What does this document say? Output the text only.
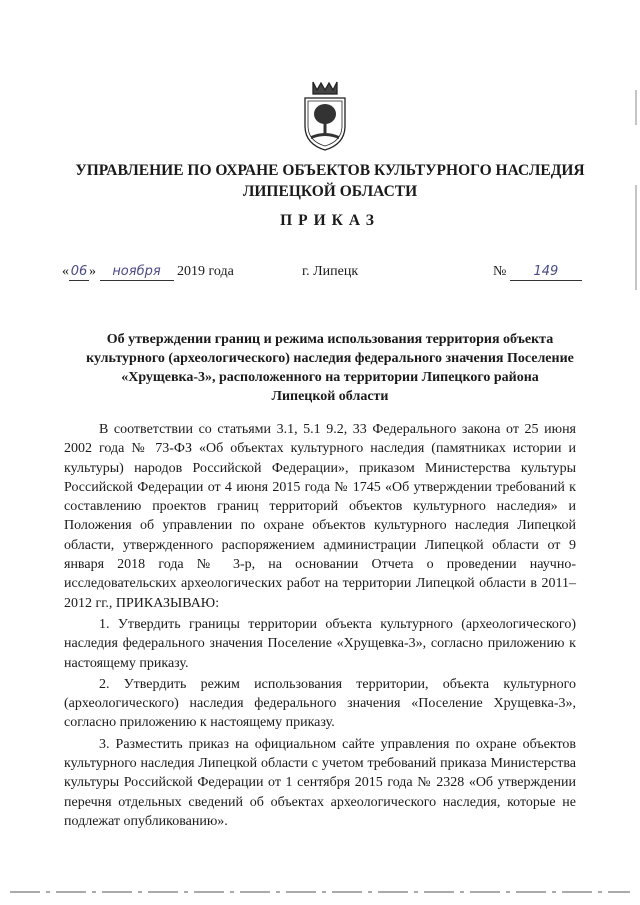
УПРАВЛЕНИЕ ПО ОХРАНЕ ОБЪЕКТОВ КУЛЬТУРНОГО НАСЛЕДИЯ
ЛИПЕЦКОЙ ОБЛАСТИ
ПРИКАЗ
« 06 » ноября 2019 года	г. Липецк	№ 149
Об утверждении границ и режима использования территория объекта
культурного (археологического) наследия федерального значения Поселение
«Хрущевка-3», расположенного на территории Липецкого района
Липецкой области

В соответствии со статьями 3.1, 5.1 9.2, 33 Федерального закона от 25 июня 2002 года № 73-ФЗ «Об объектах культурного наследия (памятниках истории и культуры) народов Российской Федерации», приказом Министерства культуры Российской Федерации от 4 июня 2015 года № 1745 «Об утверждении требований к составлению проектов границ территорий объектов культурного наследия» и Положения об управлении по охране объектов культурного наследия Липецкой области, утвержденного распоряжением администрации Липецкой области от 9 января 2018 года № 3-р, на основании Отчета о проведении научно-исследовательских археологических работ на территории Липецкой области в 2011–2012 гг., ПРИКАЗЫВАЮ:

1. Утвердить границы территории объекта культурного (археологического) наследия федерального значения Поселение «Хрущевка-3», согласно приложению к настоящему приказу.

2. Утвердить режим использования территории, объекта культурного (археологического) наследия федерального значения «Поселение Хрущевка-3», согласно приложению к настоящему приказу.

3. Разместить приказ на официальном сайте управления по охране объектов культурного наследия Липецкой области с учетом требований приказа Министерства культуры Российской Федерации от 1 сентября 2015 года № 2328 «Об утверждении перечня отдельных сведений об объектах археологического наследия, которые не подлежат опубликованию».
